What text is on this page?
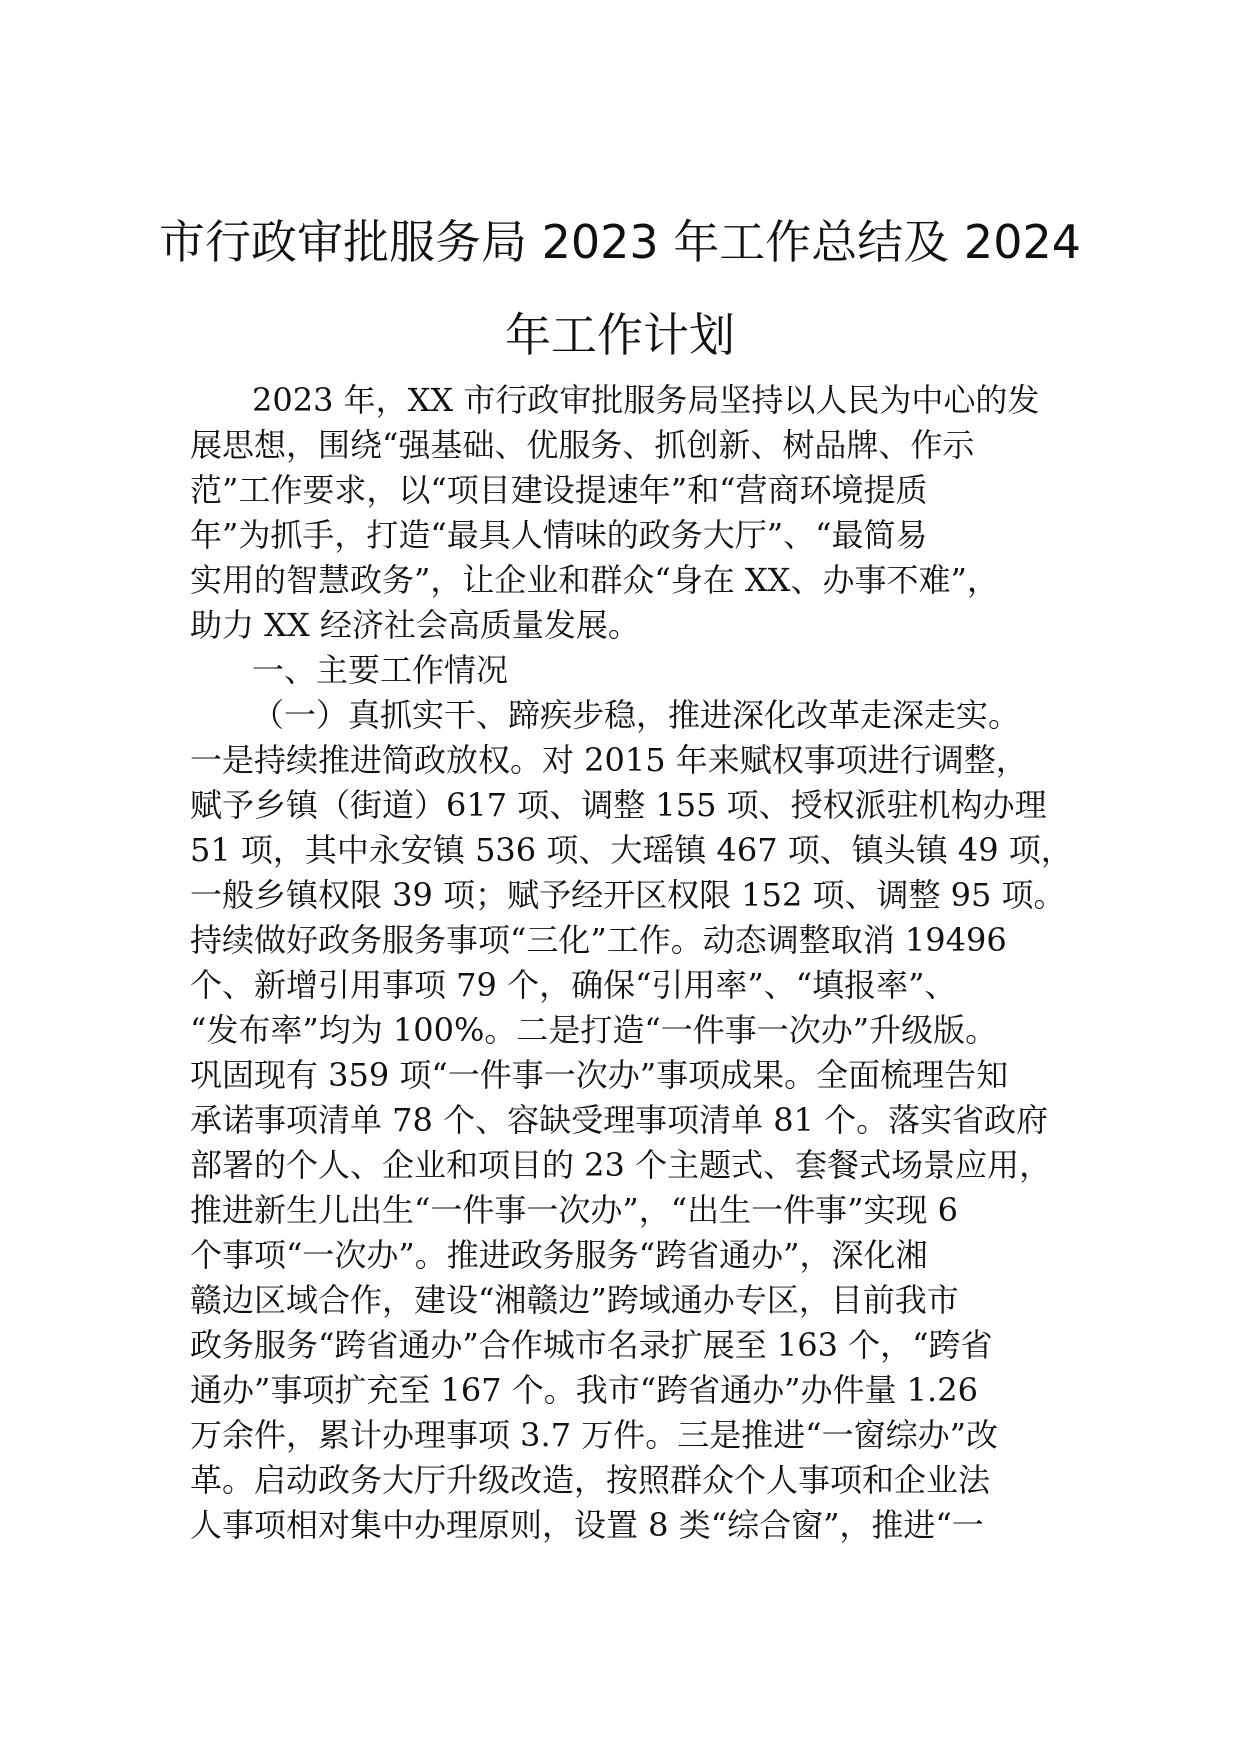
市行政审批服务局 2023 年工作总结及 2024
年工作计划
2023 年，XX 市行政审批服务局坚持以人民为中心的发
展思想，围绕“强基础、优服务、抓创新、树品牌、作示
范”工作要求，以“项目建设提速年”和“营商环境提质
年”为抓手，打造“最具人情味的政务大厅”、“最简易
实用的智慧政务”，让企业和群众“身在 XX、办事不难”，
助力 XX 经济社会高质量发展。
一、主要工作情况
（一）真抓实干、蹄疾步稳，推进深化改革走深走实。
一是持续推进简政放权。对 2015 年来赋权事项进行调整，
赋予乡镇（街道）617 项、调整 155 项、授权派驻机构办理
51 项，其中永安镇 536 项、大瑶镇 467 项、镇头镇 49 项，
一般乡镇权限 39 项；赋予经开区权限 152 项、调整 95 项。
持续做好政务服务事项“三化”工作。动态调整取消 19496
个、新增引用事项 79 个，确保“引用率”、“填报率”、
“发布率”均为 100%。二是打造“一件事一次办”升级版。
巩固现有 359 项“一件事一次办”事项成果。全面梳理告知
承诺事项清单 78 个、容缺受理事项清单 81 个。落实省政府
部署的个人、企业和项目的 23 个主题式、套餐式场景应用，
推进新生儿出生“一件事一次办”，“出生一件事”实现 6
个事项“一次办”。推进政务服务“跨省通办”，深化湘
赣边区域合作，建设“湘赣边”跨域通办专区，目前我市
政务服务“跨省通办”合作城市名录扩展至 163 个，“跨省
通办”事项扩充至 167 个。我市“跨省通办”办件量 1.26
万余件，累计办理事项 3.7 万件。三是推进“一窗综办”改
革。启动政务大厅升级改造，按照群众个人事项和企业法
人事项相对集中办理原则，设置 8 类“综合窗”，推进“一
